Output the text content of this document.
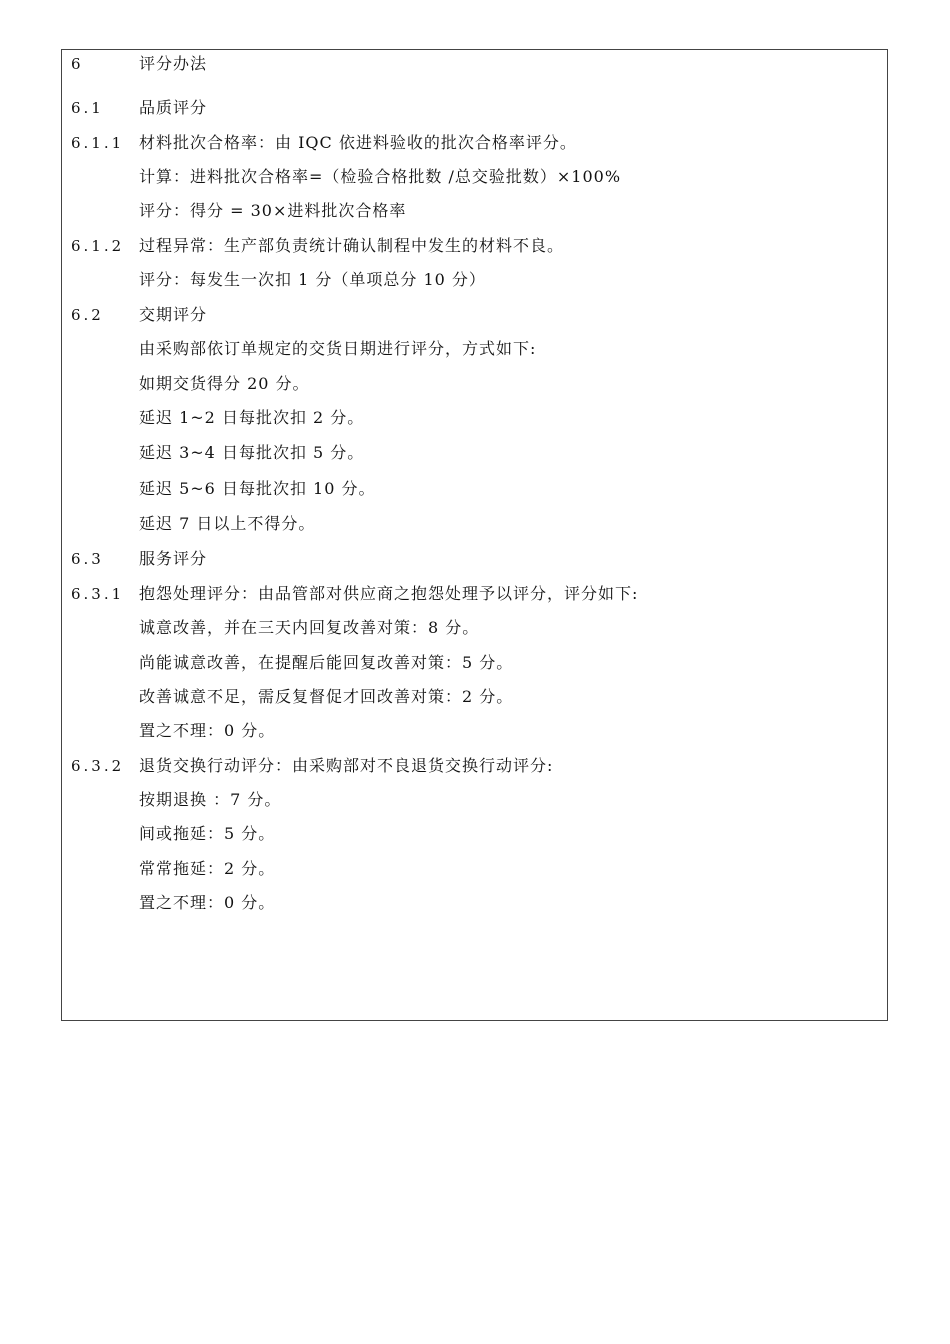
6	评分办法
6.1 品质评分
6.1.1 材料批次合格率：由 IQC 依进料验收的批次合格率评分。
计算：进料批次合格率=（检验合格批数 /总交验批数）×100%
评分：得分 = 30×进料批次合格率
6.1.2 过程异常：生产部负责统计确认制程中发生的材料不良。
评分：每发生一次扣 1 分（单项总分 10 分）
6.2 交期评分
由采购部依订单规定的交货日期进行评分，方式如下:
如期交货得分 20 分。
延迟 1~2 日每批次扣 2 分。
延迟 3~4 日每批次扣 5 分。
延迟 5~6 日每批次扣 10 分。
延迟 7 日以上不得分。
6.3 服务评分
6.3.1 抱怨处理评分：由品管部对供应商之抱怨处理予以评分，评分如下:
诚意改善，并在三天内回复改善对策：8 分。
尚能诚意改善，在提醒后能回复改善对策：5 分。
改善诚意不足，需反复督促才回改善对策：2 分。
置之不理：0 分。
6.3.2 退货交换行动评分：由采购部对不良退货交换行动评分:
按期退换 ：7 分。
间或拖延：5 分。
常常拖延：2 分。
置之不理：0 分。
